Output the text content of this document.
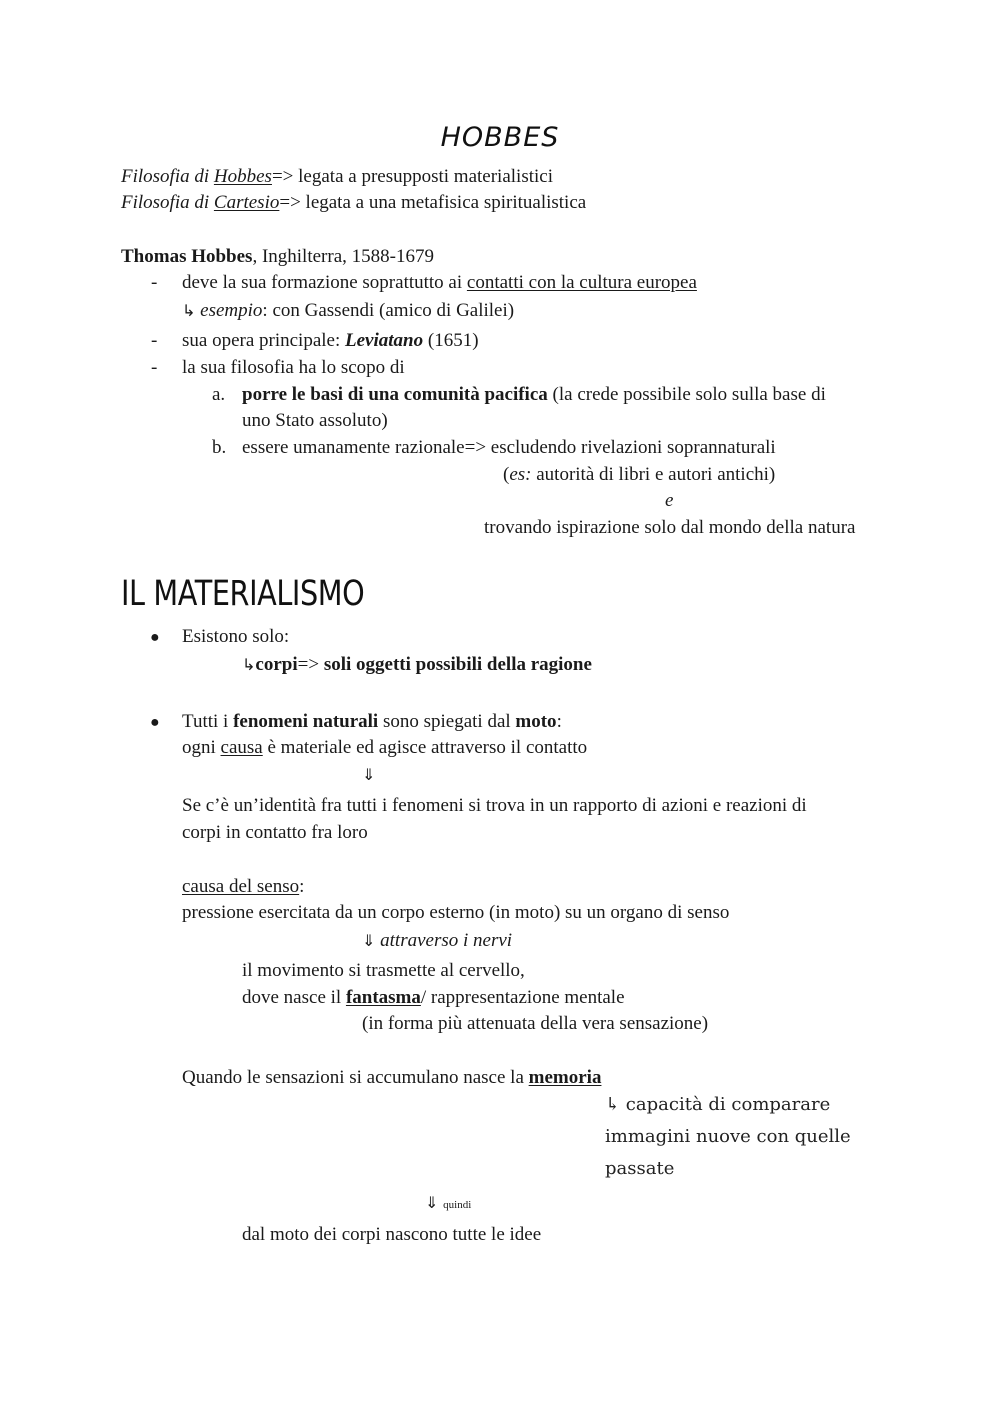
HOBBES
Filosofia di Hobbes=> legata a presupposti materialistici
Filosofia di Cartesio=> legata a una metafisica spiritualistica
Thomas Hobbes, Inghilterra, 1588-1679
- deve la sua formazione soprattutto ai contatti con la cultura europea
↳ esempio: con Gassendi (amico di Galilei)
- sua opera principale: Leviatano (1651)
- la sua filosofia ha lo scopo di
a. porre le basi di una comunità pacifica (la crede possibile solo sulla base di
uno Stato assoluto)
b. essere umanamente razionale=> escludendo rivelazioni soprannaturali
(es: autorità di libri e autori antichi)
e
trovando ispirazione solo dal mondo della natura
IL MATERIALISMO
● Esistono solo:
↳corpi=> soli oggetti possibili della ragione
● Tutti i fenomeni naturali sono spiegati dal moto:
ogni causa è materiale ed agisce attraverso il contatto
⇓
Se c’è un’identità fra tutti i fenomeni si trova in un rapporto di azioni e reazioni di
corpi in contatto fra loro
causa del senso:
pressione esercitata da un corpo esterno (in moto) su un organo di senso
⇓ attraverso i nervi
il movimento si trasmette al cervello,
dove nasce il fantasma/ rappresentazione mentale
(in forma più attenuata della vera sensazione)
Quando le sensazioni si accumulano nasce la memoria
↳ capacità di comparare
immagini nuove con quelle
passate
⇓ quindi
dal moto dei corpi nascono tutte le idee
